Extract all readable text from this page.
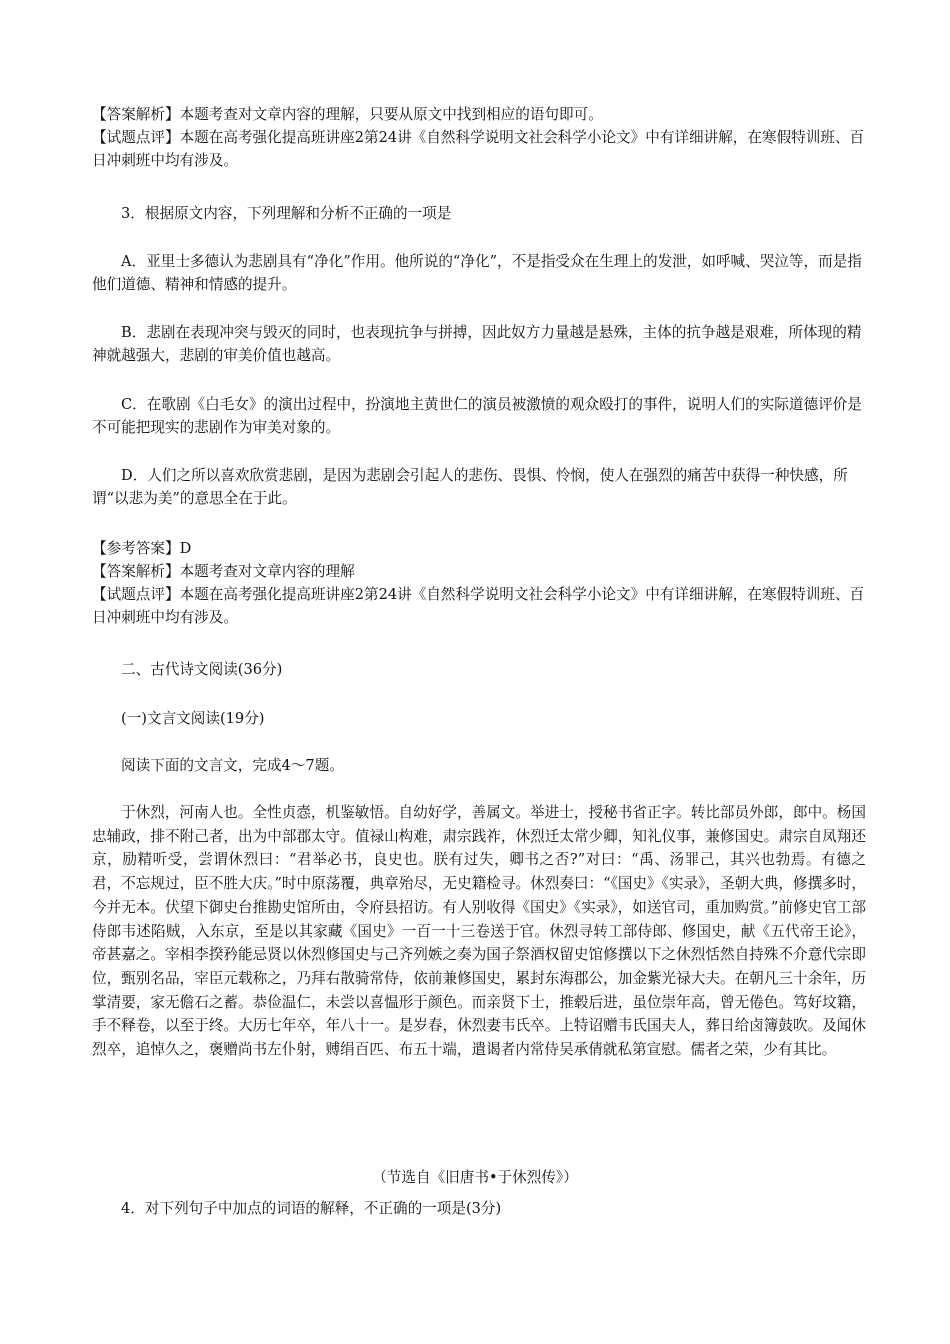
【答案解析】本题考查对文章内容的理解，只要从原文中找到相应的语句即可。

【试题点评】本题在高考强化提高班讲座2第24讲《自然科学说明文社会科学小论文》中有详细讲解，在寒假特训班、百日冲刺班中均有涉及。

3．根据原文内容，下列理解和分析不正确的一项是

A．亚里士多德认为悲剧具有“净化”作用。他所说的“净化”，不是指受众在生理上的发泄，如呼喊、哭泣等，而是指他们道德、精神和情感的提升。

B．悲剧在表现冲突与毁灭的同时，也表现抗争与拼搏，因此奴方力量越是悬殊，主体的抗争越是艰难，所体现的精神就越强大，悲剧的审美价值也越高。

C．在歌剧《白毛女》的演出过程中，扮演地主黄世仁的演员被激愤的观众殴打的事件，说明人们的实际道德评价是不可能把现实的悲剧作为审美对象的。

D．人们之所以喜欢欣赏悲剧，是因为悲剧会引起人的悲伤、畏惧、怜悯，使人在强烈的痛苦中获得一种快感，所谓“以悲为美”的意思全在于此。

【参考答案】D

【答案解析】本题考查对文章内容的理解

【试题点评】本题在高考强化提高班讲座2第24讲《自然科学说明文社会科学小论文》中有详细讲解，在寒假特训班、百日冲刺班中均有涉及。

二、古代诗文阅读(36分)

(一)文言文阅读(19分)

阅读下面的文言文，完成4～7题。

于休烈，河南人也。全性贞悫，机鉴敏悟。自幼好学，善属文。举进士，授秘书省正字。转比部员外郎，郎中。杨国忠辅政，排不附己者，出为中部郡太守。值禄山构难，肃宗践祚，休烈迁太常少卿，知礼仪事，兼修国史。肃宗自凤翔还京，励精听受，尝谓休烈曰：“君举必书，良史也。朕有过失，卿书之否?”对曰：“禹、汤罪己，其兴也勃焉。有德之君，不忘规过，臣不胜大庆。”时中原荡覆，典章殆尽，无史籍检寻。休烈奏曰：“《国史》《实录》，圣朝大典，修撰多时，今并无本。伏望下御史台推勘史馆所由，令府县招访。有人别收得《国史》《实录》，如送官司，重加购赏。”前修史官工部侍郎韦述陷贼，入东京，至是以其家藏《国史》一百一十三卷送于官。休烈寻转工部侍郎、修国史，献《五代帝王论》，帝甚嘉之。宰相李揆矜能忌贤以休烈修国史与己齐列嫉之奏为国子祭酒权留史馆修撰以下之休烈恬然自持殊不介意代宗即位，甄别名品，宰臣元载称之，乃拜右散骑常侍，依前兼修国史，累封东海郡公，加金紫光禄大夫。在朝凡三十余年，历掌清要，家无儋石之蓄。恭俭温仁，未尝以喜愠形于颜色。而亲贤下士，推毂后进，虽位崇年高，曾无倦色。笃好坟籍，手不释卷，以至于终。大历七年卒，年八十一。是岁春，休烈妻韦氏卒。上特诏赠韦氏国夫人，葬日给卤簿鼓吹。及闻休烈卒，追悼久之，褒赠尚书左仆射，赙绢百匹、布五十端，遣谒者内常侍吴承倩就私第宣慰。儒者之荣，少有其比。

（节选自《旧唐书•于休烈传》）

4．对下列句子中加点的词语的解释，不正确的一项是(3分)
